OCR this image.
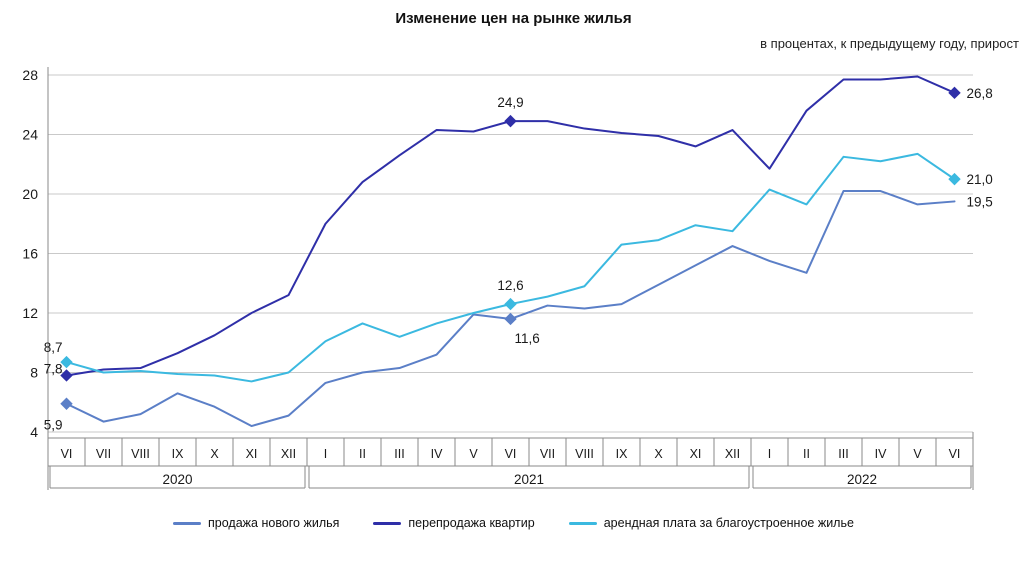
Изменение цен на рынке жилья
в процентах, к предыдущему году, прирост
4
8
12
16
20
24
28
VI VII VIII IX X XI XII I	II III IV V VI VII VIII IX X XI XII I	II III IV V VI
2020	2021	2022
5,9
11,6
19,5
7,8
24,9
26,8
8,7
12,6
21,0
продажа нового жилья	перепродажа квартир	арендная плата за благоустроенное жилье
